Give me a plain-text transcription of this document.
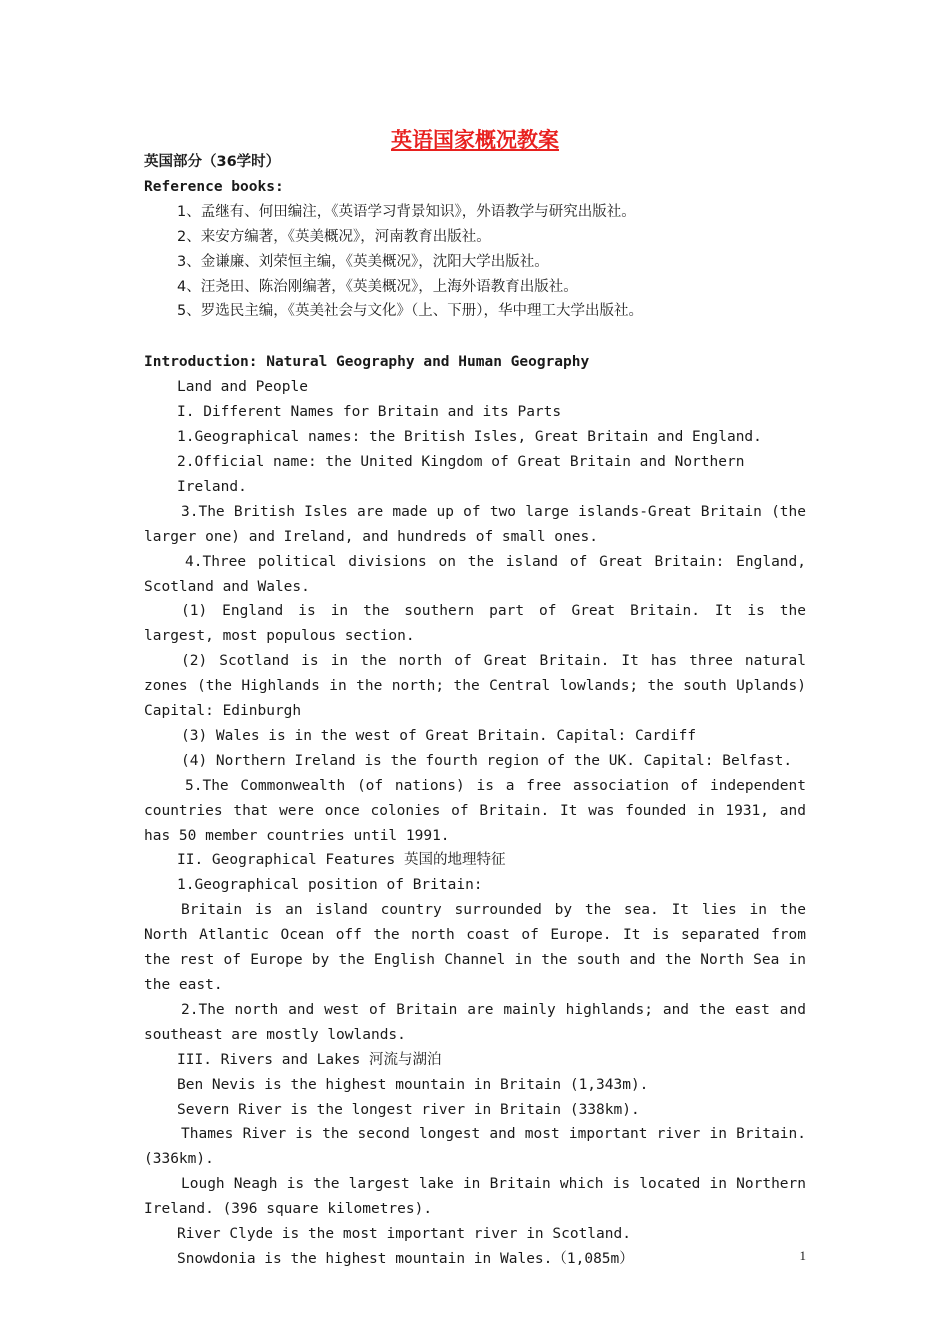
英语国家概况教案

英国部分（36学时）

Reference books:

1、孟继有、何田编注，《英语学习背景知识》，外语教学与研究出版社。

2、来安方编著，《英美概况》，河南教育出版社。

3、金谦廉、刘荣恒主编，《英美概况》，沈阳大学出版社。

4、汪尧田、陈治刚编著，《英美概况》，上海外语教育出版社。

5、罗选民主编，《英美社会与文化》（上、下册），华中理工大学出版社。

Introduction: Natural Geography and Human Geography

Land and People

I. Different Names for Britain and its Parts

1.Geographical names: the British Isles, Great Britain and England.

2.Official name: the United Kingdom of Great Britain and Northern Ireland.

3.The British Isles are made up of two large islands-Great Britain (the larger one) and Ireland, and hundreds of small ones.

4.Three political divisions on the island of Great Britain: England, Scotland and Wales.

(1) England is in the southern part of Great Britain. It is the largest, most populous section.

(2) Scotland is in the north of Great Britain. It has three natural zones (the Highlands in the north; the Central lowlands; the south Uplands) Capital: Edinburgh

(3) Wales is in the west of Great Britain. Capital: Cardiff

(4) Northern Ireland is the fourth region of the UK. Capital: Belfast.

5.The Commonwealth (of nations) is a free association of independent countries that were once colonies of Britain. It was founded in 1931, and has 50 member countries until 1991.

II. Geographical Features 英国的地理特征

1.Geographical position of Britain:

Britain is an island country surrounded by the sea. It lies in the North Atlantic Ocean off the north coast of Europe. It is separated from the rest of Europe by the English Channel in the south and the North Sea in the east.

2.The north and west of Britain are mainly highlands; and the east and southeast are mostly lowlands.

III. Rivers and Lakes 河流与湖泊

Ben Nevis is the highest mountain in Britain (1,343m).

Severn River is the longest river in Britain (338km).

Thames River is the second longest and most important river in Britain.(336km).

Lough Neagh is the largest lake in Britain which is located in Northern Ireland. (396 square kilometres).

River Clyde is the most important river in Scotland.

Snowdonia is the highest mountain in Wales.（1,085m）	1
